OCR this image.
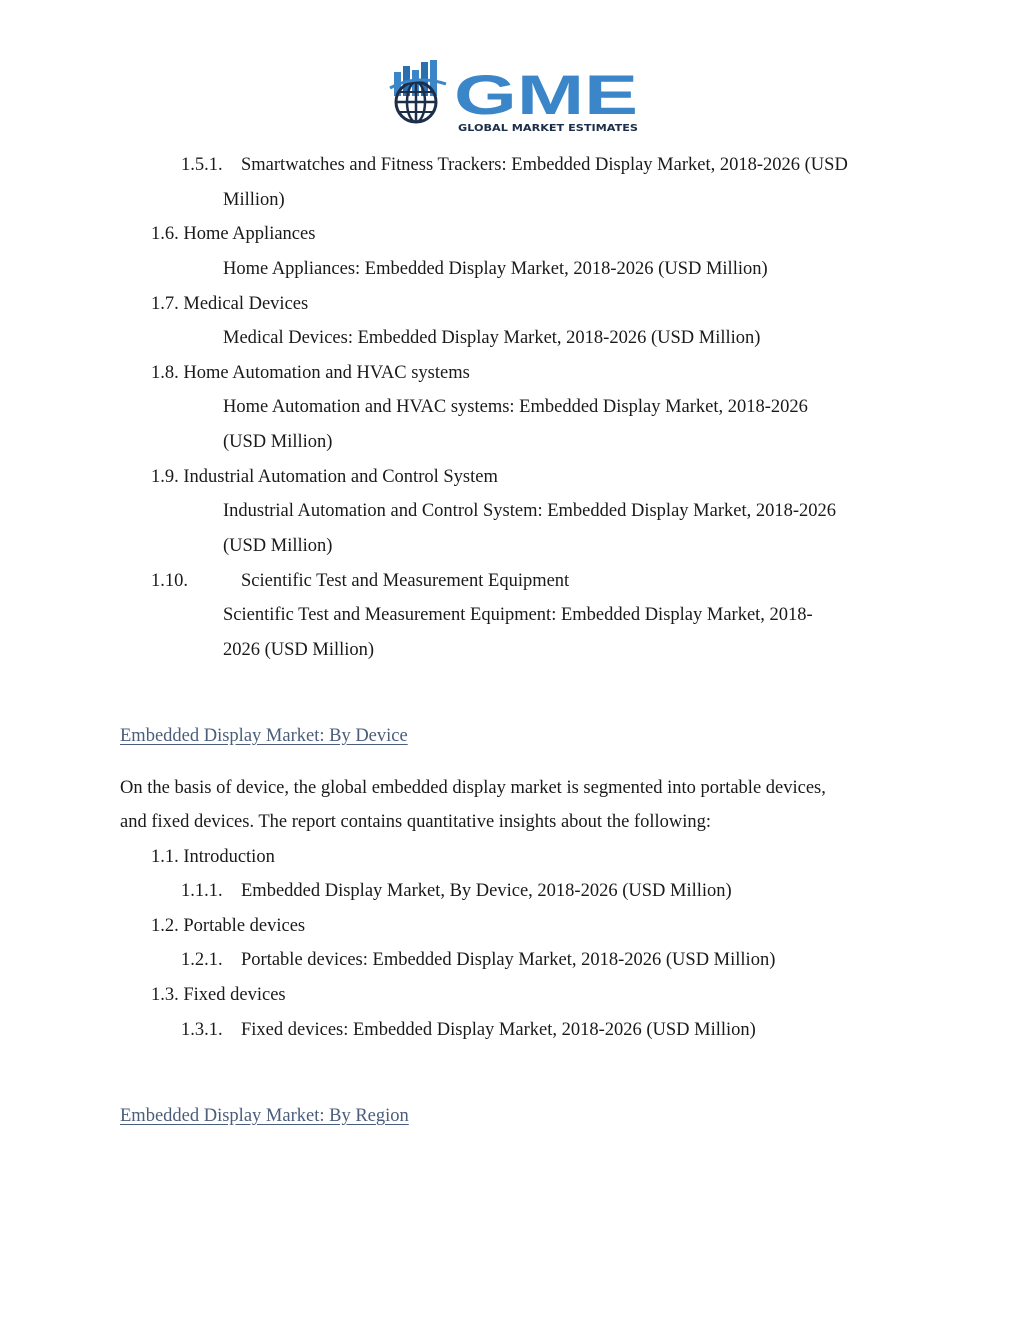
GME
GLOBAL MARKET ESTIMATES
1.5.1. Smartwatches and Fitness Trackers: Embedded Display Market, 2018-2026 (USD
Million)
1.6. Home Appliances
Home Appliances: Embedded Display Market, 2018-2026 (USD Million)
1.7. Medical Devices
Medical Devices: Embedded Display Market, 2018-2026 (USD Million)
1.8. Home Automation and HVAC systems
Home Automation and HVAC systems: Embedded Display Market, 2018-2026
(USD Million)
1.9. Industrial Automation and Control System
Industrial Automation and Control System: Embedded Display Market, 2018-2026
(USD Million)
1.10.	Scientific Test and Measurement Equipment
Scientific Test and Measurement Equipment: Embedded Display Market, 2018-
2026 (USD Million)
Embedded Display Market: By Device
On the basis of device, the global embedded display market is segmented into portable devices,
and fixed devices. The report contains quantitative insights about the following:
1.1. Introduction
1.1.1. Embedded Display Market, By Device, 2018-2026 (USD Million)
1.2. Portable devices
1.2.1. Portable devices: Embedded Display Market, 2018-2026 (USD Million)
1.3. Fixed devices
1.3.1. Fixed devices: Embedded Display Market, 2018-2026 (USD Million)
Embedded Display Market: By Region
